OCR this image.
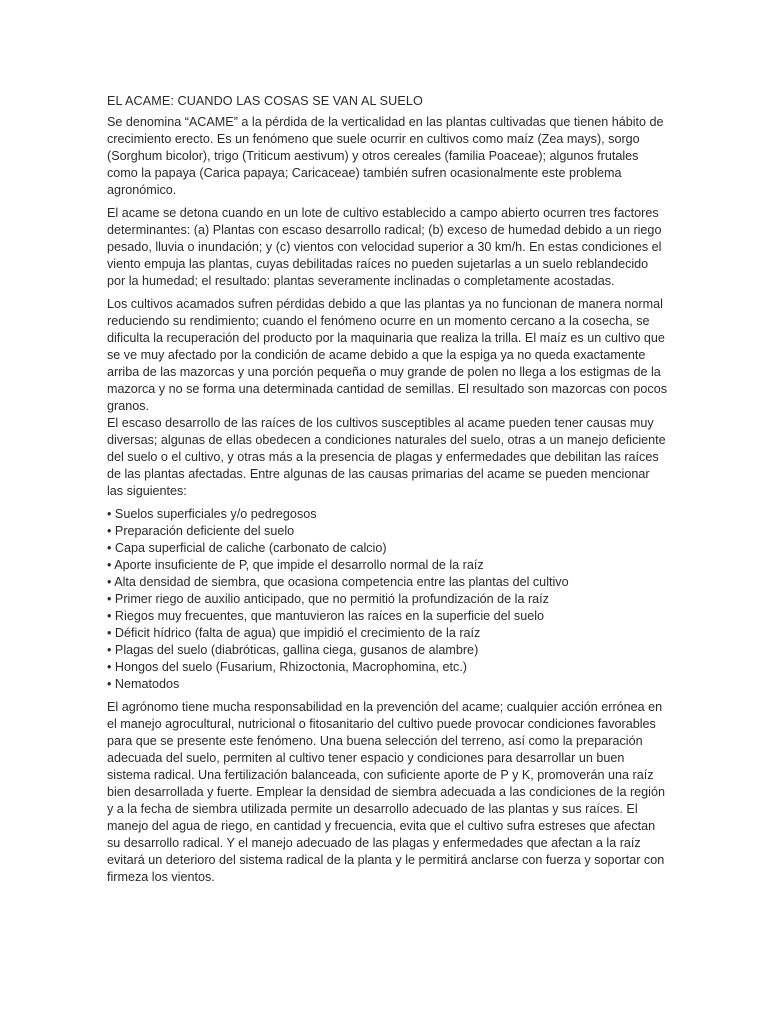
EL ACAME: CUANDO LAS COSAS SE VAN AL SUELO

Se denomina “ACAME” a la pérdida de la verticalidad en las plantas cultivadas que tienen hábito de crecimiento erecto. Es un fenómeno que suele ocurrir en cultivos como maíz (Zea mays), sorgo (Sorghum bicolor), trigo (Triticum aestivum) y otros cereales (familia Poaceae); algunos frutales como la papaya (Carica papaya; Caricaceae) también sufren ocasionalmente este problema agronómico.

El acame se detona cuando en un lote de cultivo establecido a campo abierto ocurren tres factores determinantes: (a) Plantas con escaso desarrollo radical; (b) exceso de humedad debido a un riego pesado, lluvia o inundación; y (c) vientos con velocidad superior a 30 km/h. En estas condiciones el viento empuja las plantas, cuyas debilitadas raíces no pueden sujetarlas a un suelo reblandecido por la humedad; el resultado: plantas severamente inclinadas o completamente acostadas.

Los cultivos acamados sufren pérdidas debido a que las plantas ya no funcionan de manera normal reduciendo su rendimiento; cuando el fenómeno ocurre en un momento cercano a la cosecha, se dificulta la recuperación del producto por la maquinaria que realiza la trilla. El maíz es un cultivo que se ve muy afectado por la condición de acame debido a que la espiga ya no queda exactamente arriba de las mazorcas y una porción pequeña o muy grande de polen no llega a los estigmas de la mazorca y no se forma una determinada cantidad de semillas. El resultado son mazorcas con pocos granos.

El escaso desarrollo de las raíces de los cultivos susceptibles al acame pueden tener causas muy diversas; algunas de ellas obedecen a condiciones naturales del suelo, otras a un manejo deficiente del suelo o el cultivo, y otras más a la presencia de plagas y enfermedades que debilitan las raíces de las plantas afectadas. Entre algunas de las causas primarias del acame se pueden mencionar las siguientes:

• Suelos superficiales y/o pedregosos
• Preparación deficiente del suelo
• Capa superficial de caliche (carbonato de calcio)
• Aporte insuficiente de P, que impide el desarrollo normal de la raíz
• Alta densidad de siembra, que ocasiona competencia entre las plantas del cultivo
• Primer riego de auxilio anticipado, que no permitió la profundización de la raíz
• Riegos muy frecuentes, que mantuvieron las raíces en la superficie del suelo
• Déficit hídrico (falta de agua) que impidió el crecimiento de la raíz
• Plagas del suelo (diabróticas, gallina ciega, gusanos de alambre)
• Hongos del suelo (Fusarium, Rhizoctonia, Macrophomina, etc.)
• Nematodos

El agrónomo tiene mucha responsabilidad en la prevención del acame; cualquier acción errónea en el manejo agrocultural, nutricional o fitosanitario del cultivo puede provocar condiciones favorables para que se presente este fenómeno. Una buena selección del terreno, así como la preparación adecuada del suelo, permiten al cultivo tener espacio y condiciones para desarrollar un buen sistema radical. Una fertilización balanceada, con suficiente aporte de P y K, promoverán una raíz bien desarrollada y fuerte. Emplear la densidad de siembra adecuada a las condiciones de la región y a la fecha de siembra utilizada permite un desarrollo adecuado de las plantas y sus raíces. El manejo del agua de riego, en cantidad y frecuencia, evita que el cultivo sufra estreses que afectan su desarrollo radical. Y el manejo adecuado de las plagas y enfermedades que afectan a la raíz evitará un deterioro del sistema radical de la planta y le permitirá anclarse con fuerza y soportar con firmeza los vientos.
